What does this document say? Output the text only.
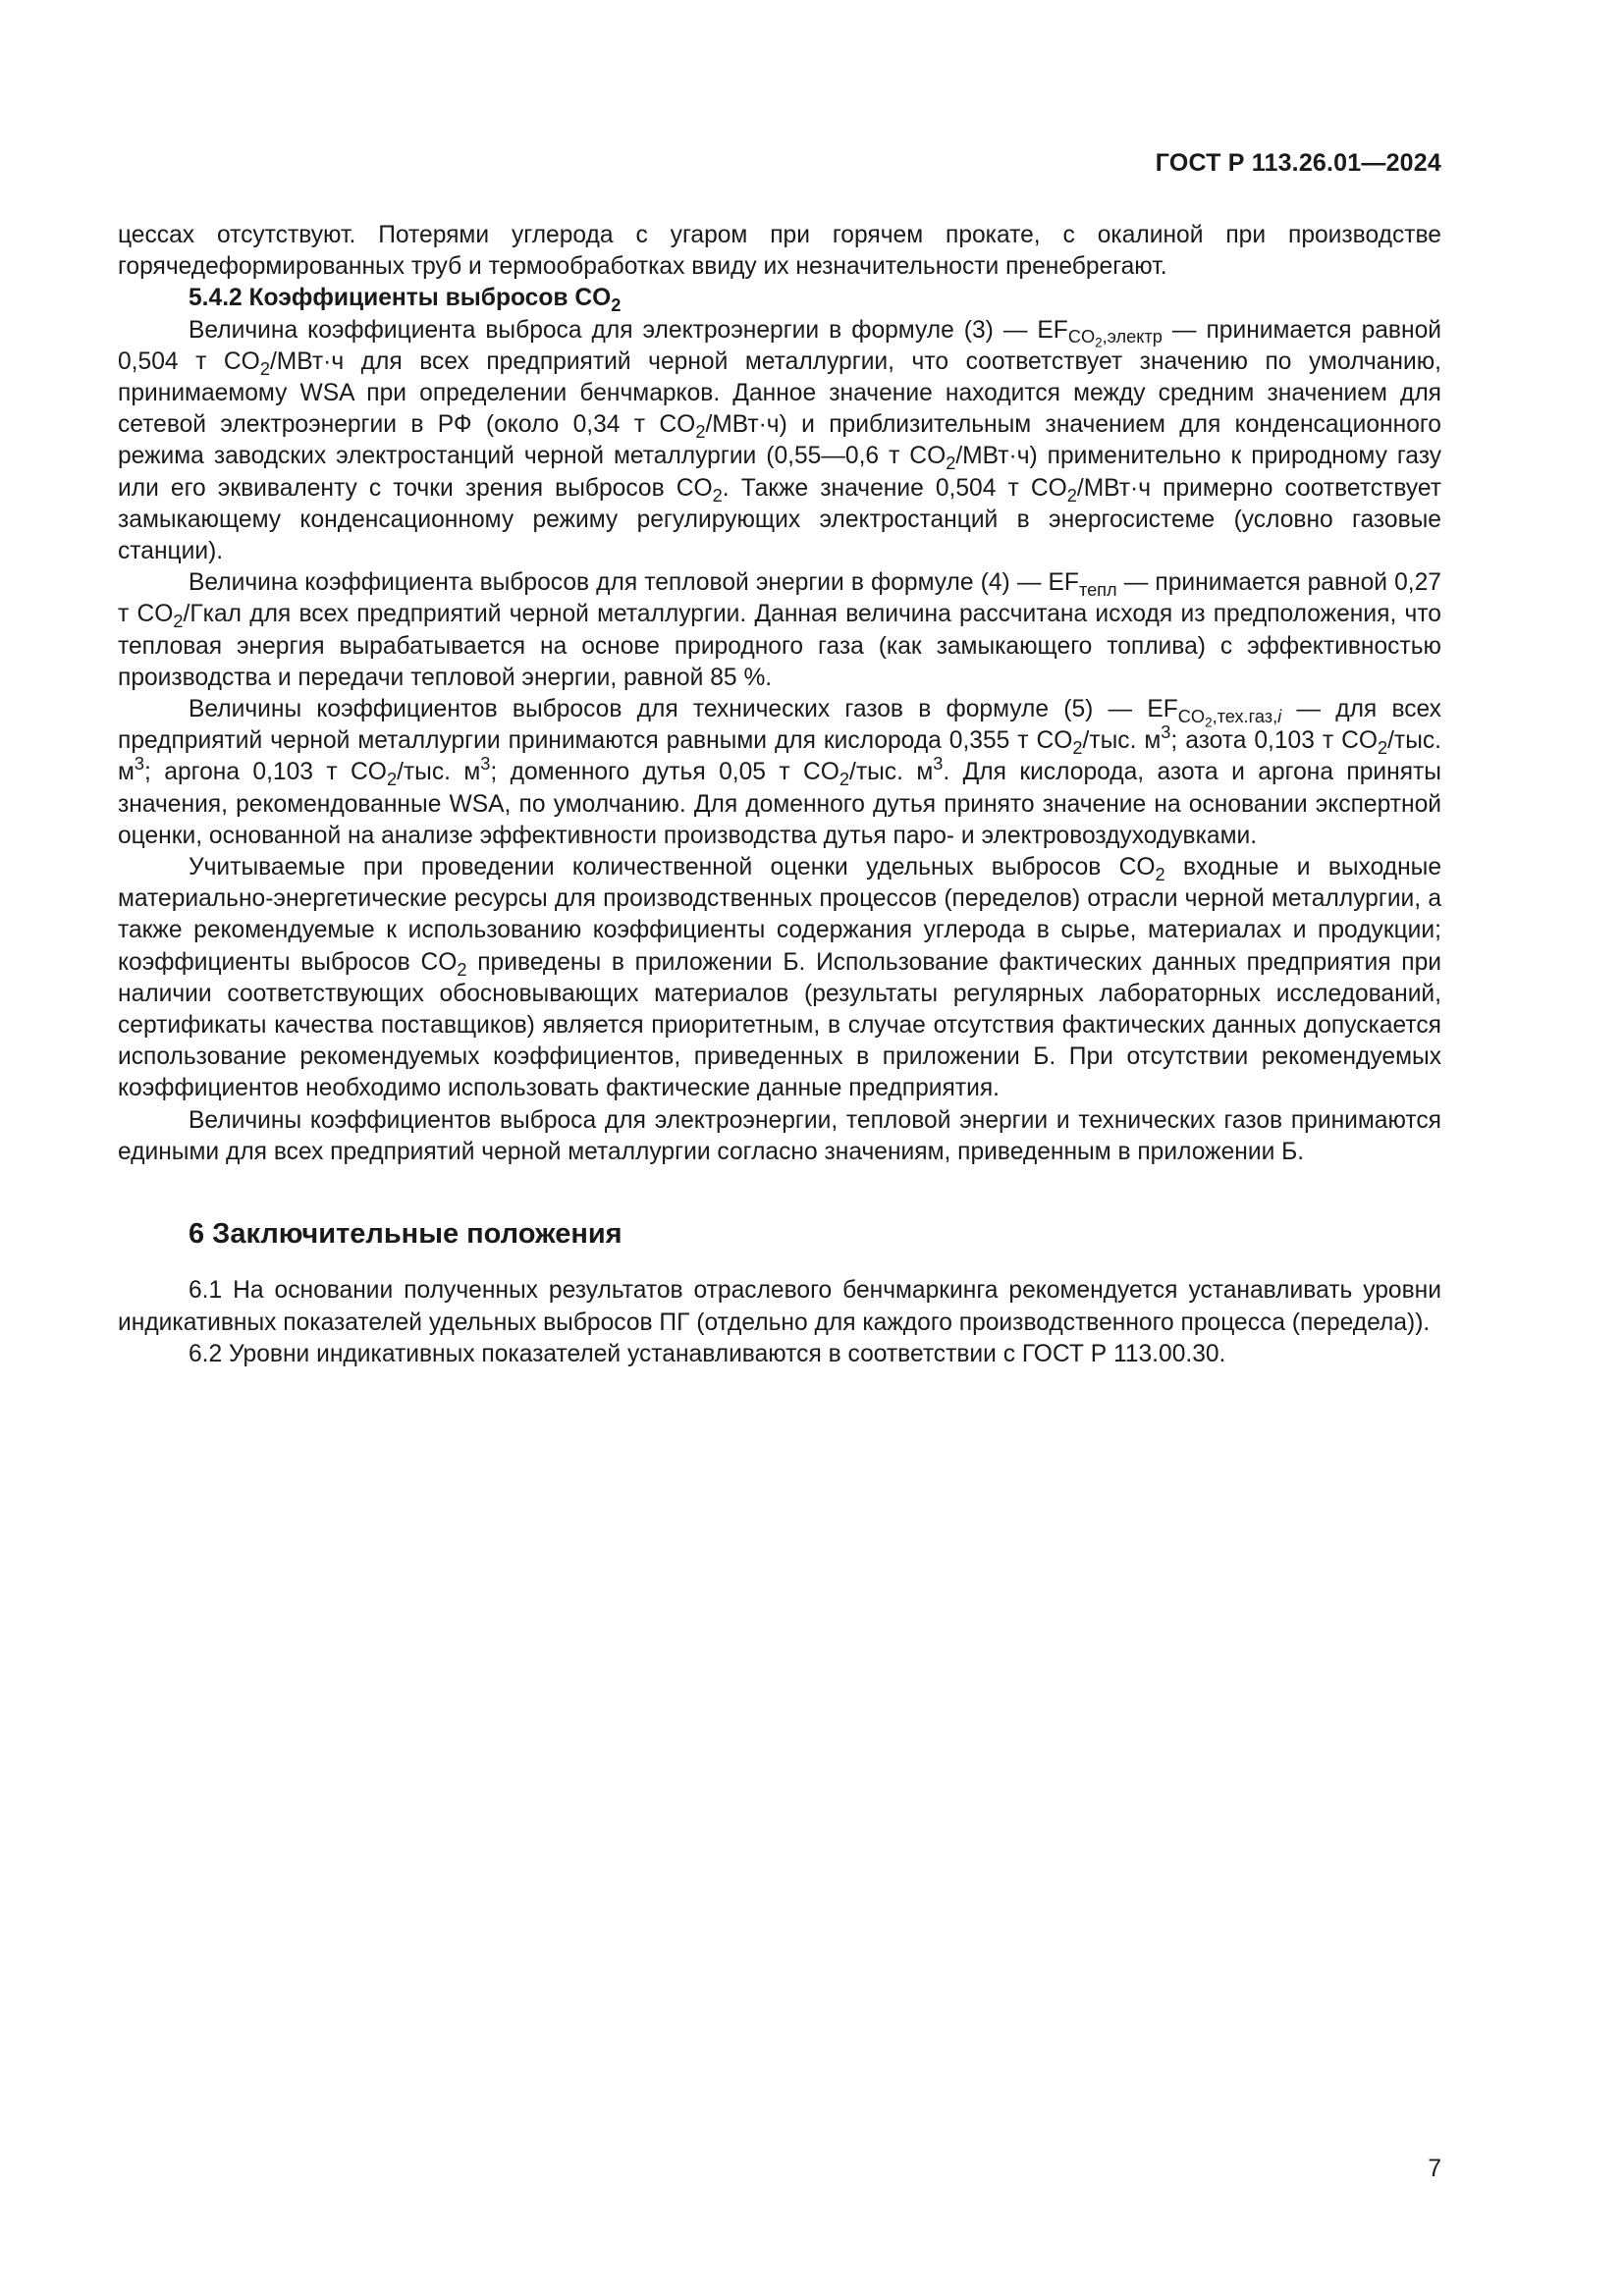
ГОСТ Р 113.26.01—2024

цессах отсутствуют. Потерями углерода с угаром при горячем прокате, с окалиной при производстве горячедеформированных труб и термообработках ввиду их незначительности пренебрегают.

5.4.2 Коэффициенты выбросов $CO_2$

Величина коэффициента выброса для электроэнергии в формуле (3) — $EF_{CO_2,электр}$ — принимается равной 0,504 т $CO_2/МВт\cdot ч$ для всех предприятий черной металлургии, что соответствует значению по умолчанию, принимаемому WSA при определении бенчмарков. Данное значение находится между средним значением для сетевой электроэнергии в РФ (около 0,34 т $CO_2/МВт\cdot ч$) и приблизительным значением для конденсационного режима заводских электростанций черной металлургии (0,55—0,6 т $CO_2/МВт\cdot ч$) применительно к природному газу или его эквиваленту с точки зрения выбросов $CO_2$. Также значение 0,504 т $CO_2/МВт\cdot ч$ примерно соответствует замыкающему конденсационному режиму регулирующих электростанций в энергосистеме (условно газовые станции).

Величина коэффициента выбросов для тепловой энергии в формуле (4) — $EF_{тепл}$ — принимается равной 0,27 т $CO_2$/Гкал для всех предприятий черной металлургии. Данная величина рассчитана исходя из предположения, что тепловая энергия вырабатывается на основе природного газа (как замыкающего топлива) с эффективностью производства и передачи тепловой энергии, равной 85 %.

Величины коэффициентов выбросов для технических газов в формуле (5) — $EF_{CO_2,тех.газ,i}$ — для всех предприятий черной металлургии принимаются равными для кислорода 0,355 т $CO_2$/тыс. $м^3$; азота 0,103 т $CO_2$/тыс. $м^3$; аргона 0,103 т $CO_2$/тыс. $м^3$; доменного дутья 0,05 т $CO_2$/тыс. $м^3$. Для кислорода, азота и аргона приняты значения, рекомендованные WSA, по умолчанию. Для доменного дутья принято значение на основании экспертной оценки, основанной на анализе эффективности производства дутья паро- и электровоздуходувками.

Учитываемые при проведении количественной оценки удельных выбросов $CO_2$ входные и выходные материально-энергетические ресурсы для производственных процессов (переделов) отрасли черной металлургии, а также рекомендуемые к использованию коэффициенты содержания углерода в сырье, материалах и продукции; коэффициенты выбросов $CO_2$ приведены в приложении Б. Использование фактических данных предприятия при наличии соответствующих обосновывающих материалов (результаты регулярных лабораторных исследований, сертификаты качества поставщиков) является приоритетным, в случае отсутствия фактических данных допускается использование рекомендуемых коэффициентов, приведенных в приложении Б. При отсутствии рекомендуемых коэффициентов необходимо использовать фактические данные предприятия.

Величины коэффициентов выброса для электроэнергии, тепловой энергии и технических газов принимаются едиными для всех предприятий черной металлургии согласно значениям, приведенным в приложении Б.

6 Заключительные положения

6.1 На основании полученных результатов отраслевого бенчмаркинга рекомендуется устанавливать уровни индикативных показателей удельных выбросов ПГ (отдельно для каждого производственного процесса (передела)).

6.2 Уровни индикативных показателей устанавливаются в соответствии с ГОСТ Р 113.00.30.

7
